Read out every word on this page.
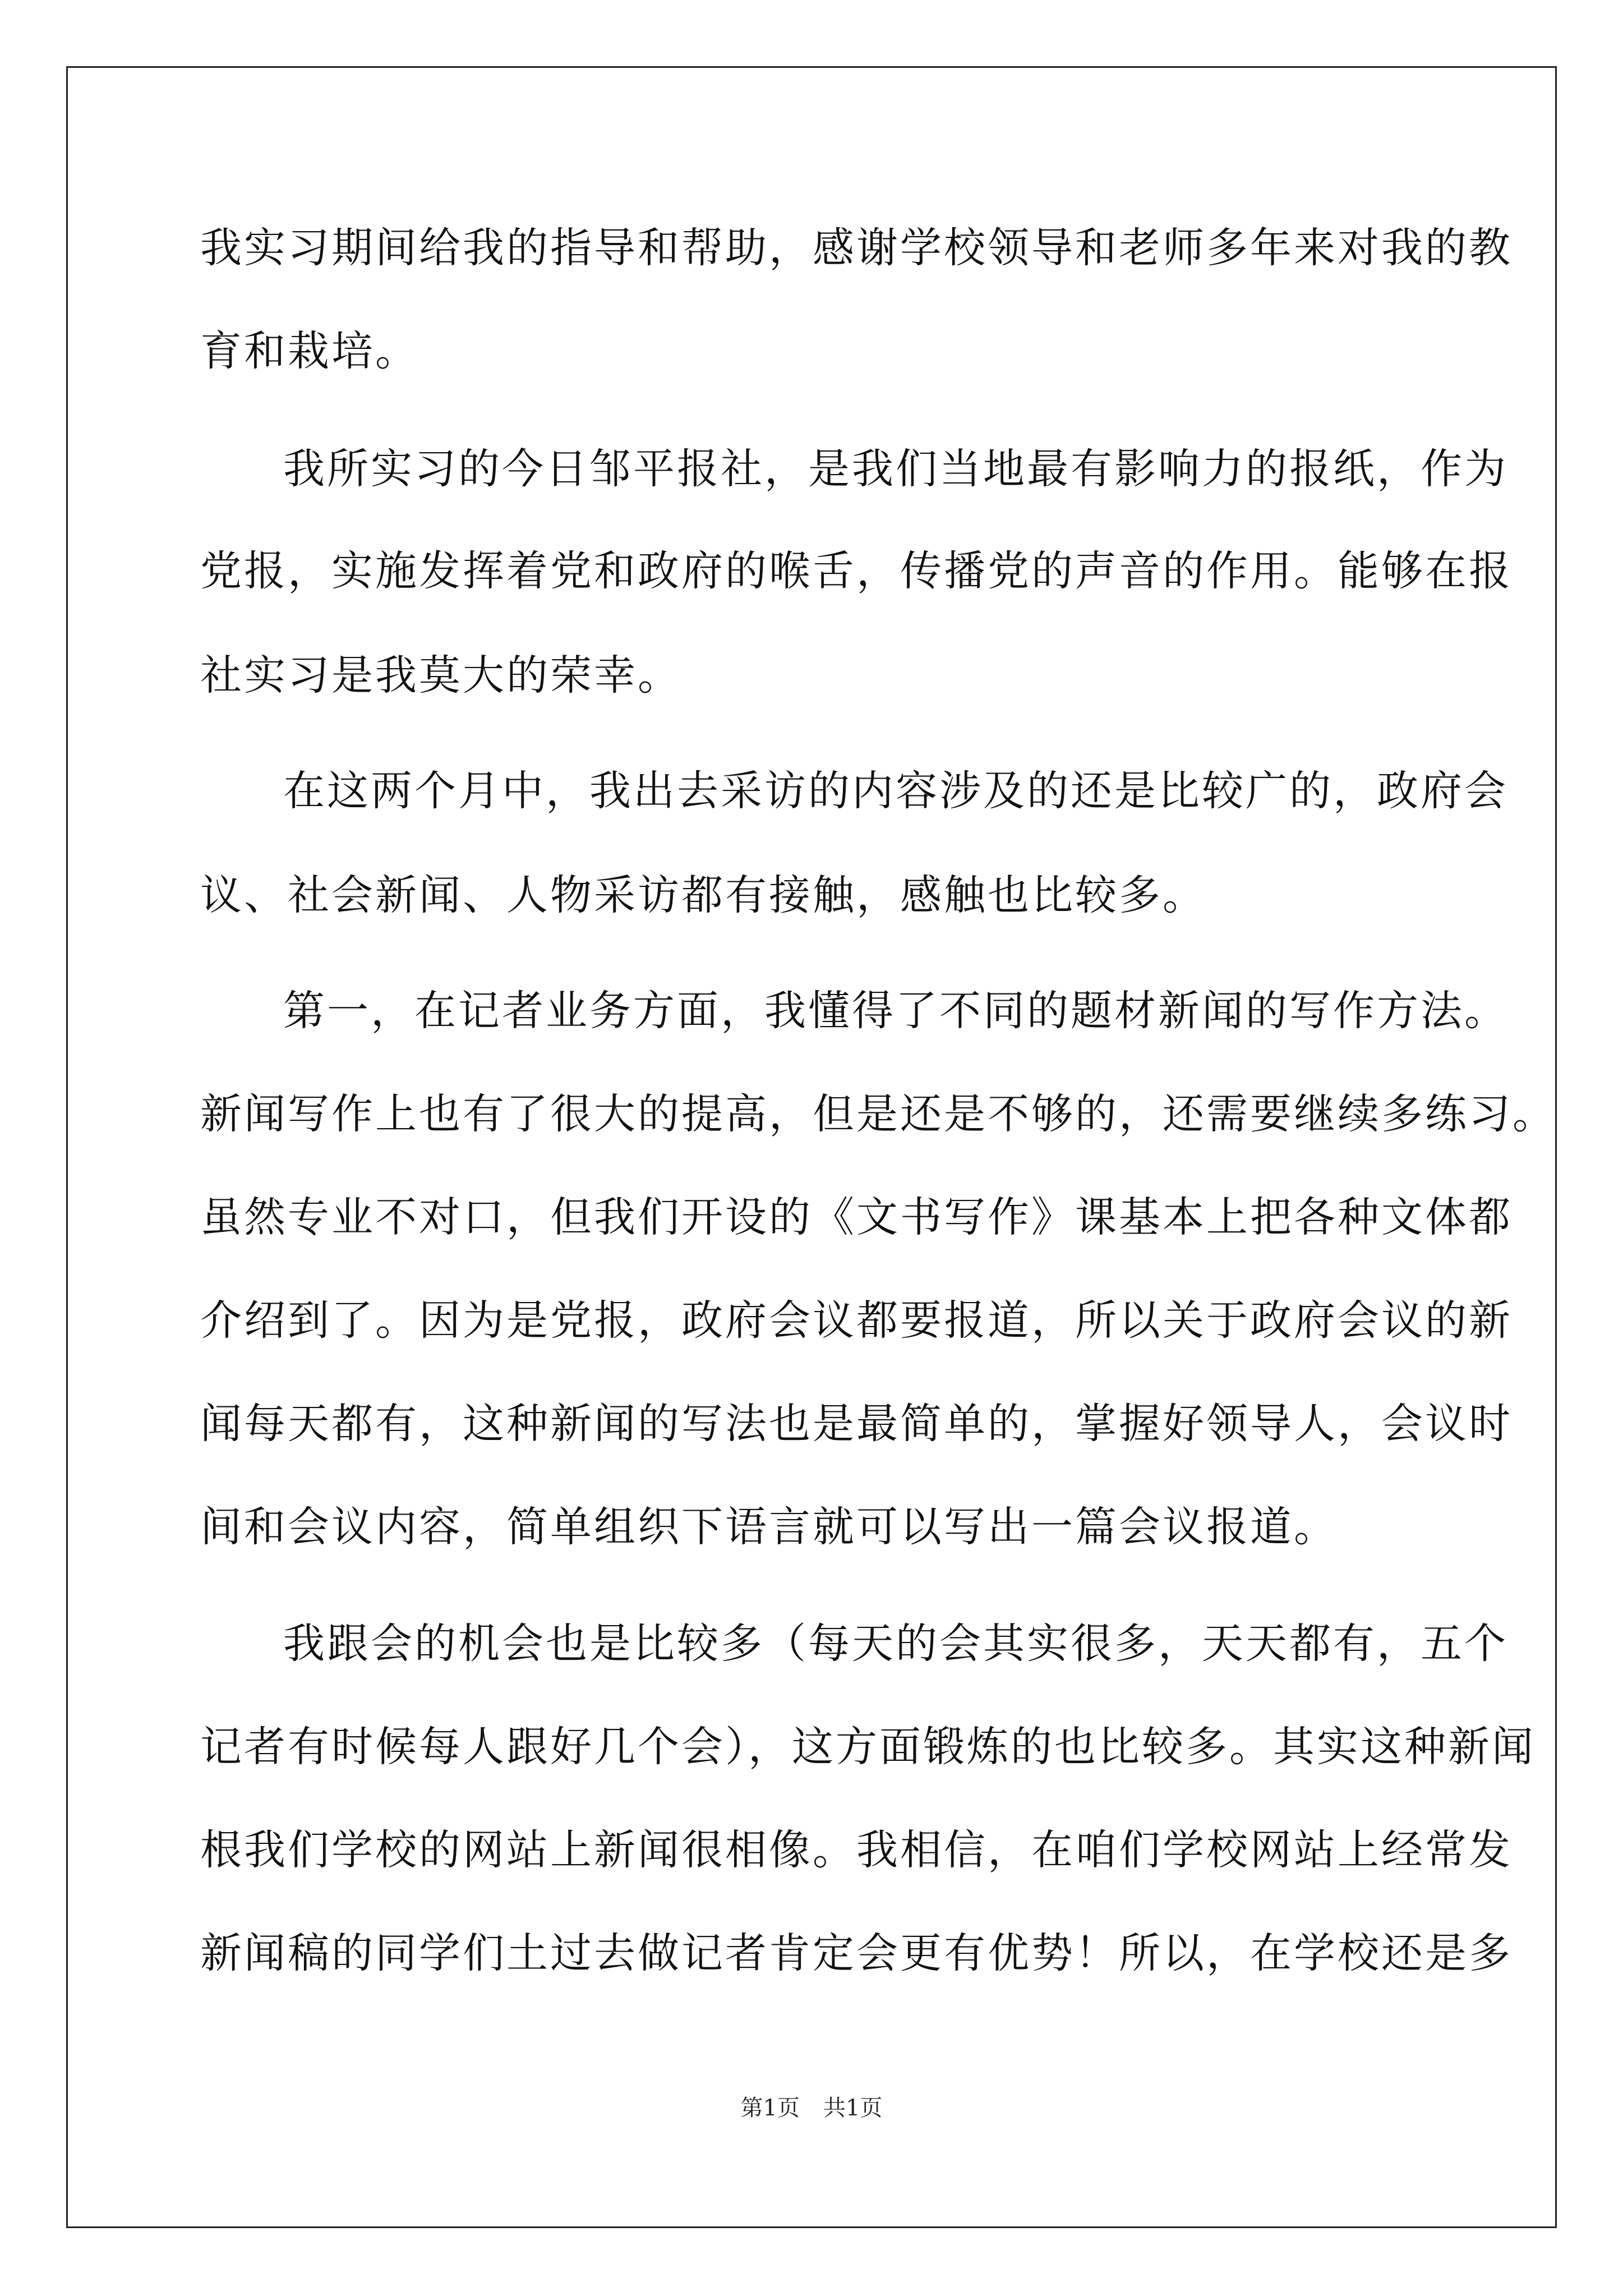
我实习期间给我的指导和帮助，感谢学校领导和老师多年来对我的教
育和栽培。
我所实习的今日邹平报社，是我们当地最有影响力的报纸，作为
党报，实施发挥着党和政府的喉舌，传播党的声音的作用。能够在报
社实习是我莫大的荣幸。
在这两个月中，我出去采访的内容涉及的还是比较广的，政府会
议、社会新闻、人物采访都有接触，感触也比较多。
第一，在记者业务方面，我懂得了不同的题材新闻的写作方法。
新闻写作上也有了很大的提高，但是还是不够的，还需要继续多练习。
虽然专业不对口，但我们开设的《文书写作》课基本上把各种文体都
介绍到了。因为是党报，政府会议都要报道，所以关于政府会议的新
闻每天都有，这种新闻的写法也是最简单的，掌握好领导人，会议时
间和会议内容，简单组织下语言就可以写出一篇会议报道。
我跟会的机会也是比较多（每天的会其实很多，天天都有，五个
记者有时候每人跟好几个会），这方面锻炼的也比较多。其实这种新闻
根我们学校的网站上新闻很相像。我相信，在咱们学校网站上经常发
新闻稿的同学们土过去做记者肯定会更有优势！所以，在学校还是多
第1页 共1页
